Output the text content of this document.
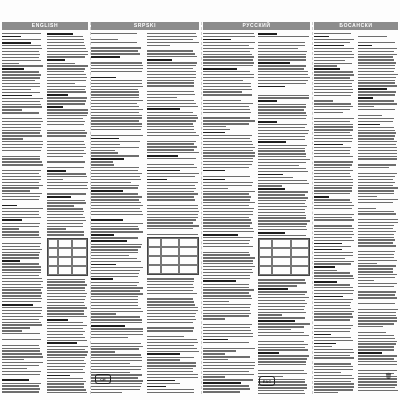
ENGLISH	SRPSKI
CE
РУССКИЙ
EAC
БОСАНСКИ
🗑
